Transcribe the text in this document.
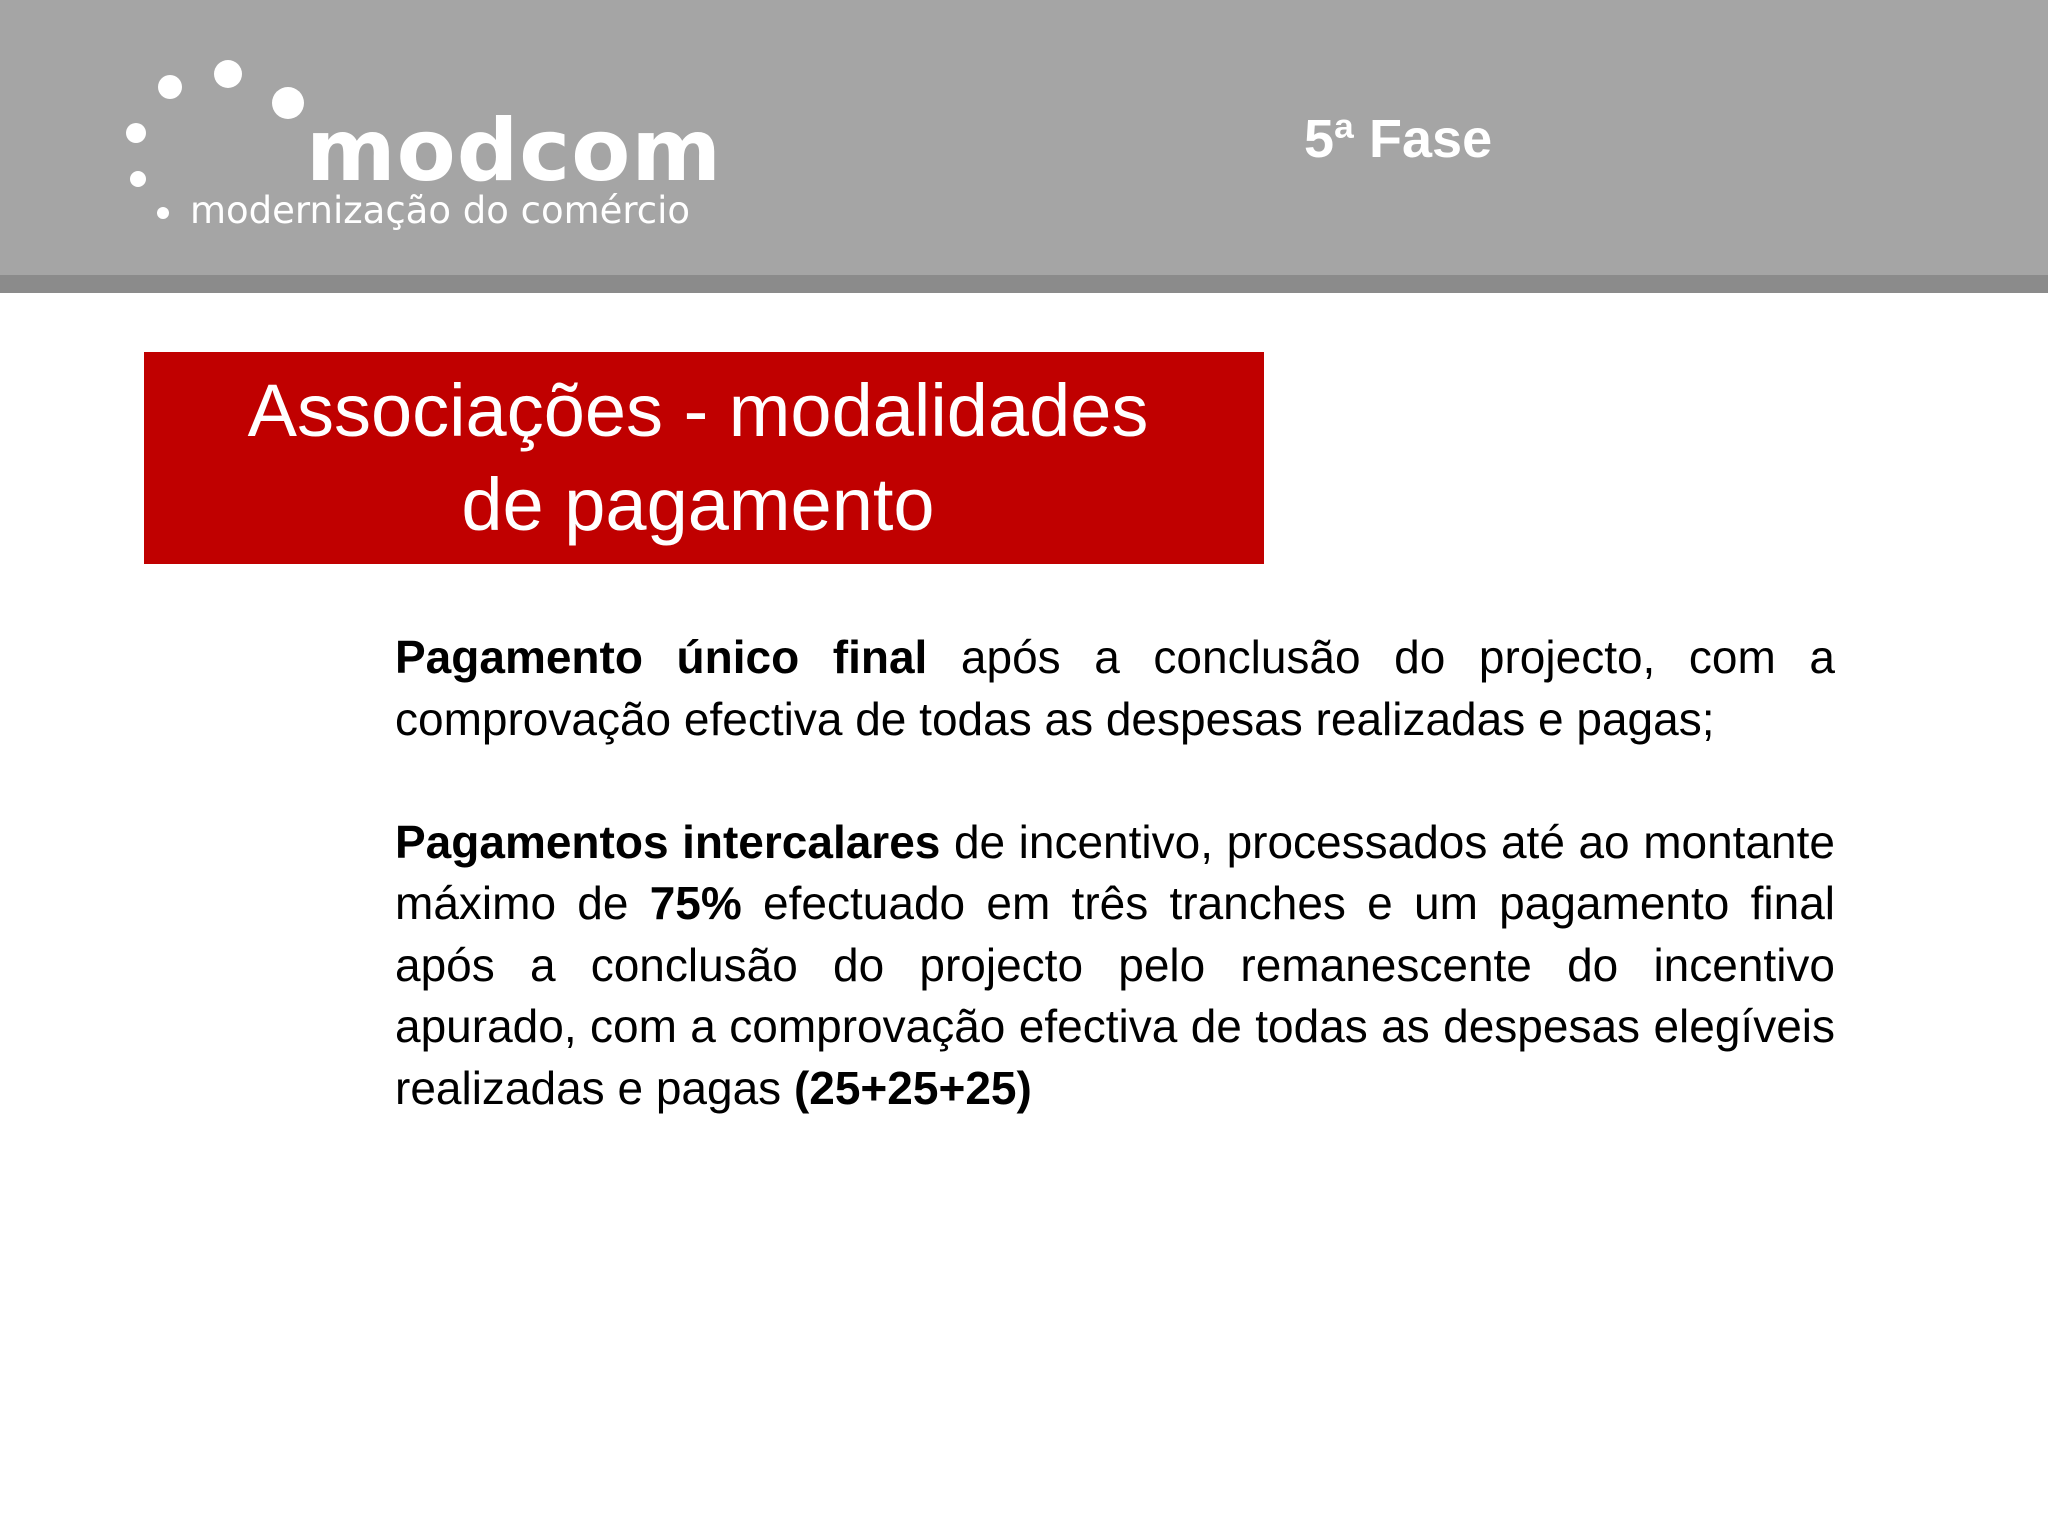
modcom
modernização do comércio
5ª Fase
Associações - modalidades
de pagamento

Pagamento único final após a conclusão do projecto, com a comprovação efectiva de todas as despesas realizadas e pagas;

Pagamentos intercalares de incentivo, processados até ao montante máximo de 75% efectuado em três tranches e um pagamento final após a conclusão do projecto pelo remanescente do incentivo apurado, com a comprovação efectiva de todas as despesas elegíveis realizadas e pagas (25+25+25)
